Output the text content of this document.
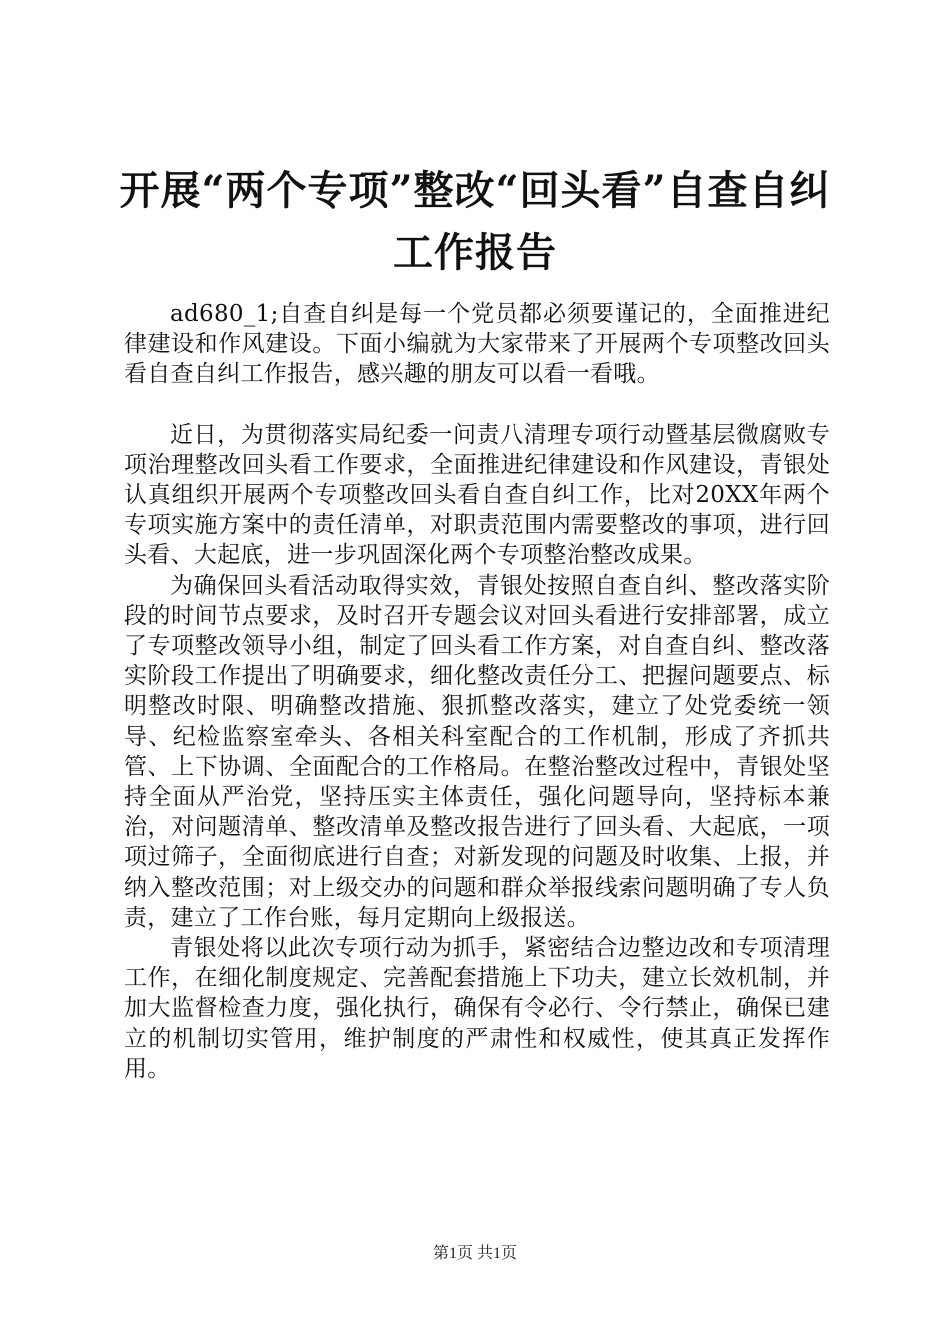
开展“两个专项”整改“回头看”自查自纠工作报告

ad680_1;自查自纠是每一个党员都必须要谨记的，全面推进纪律建设和作风建设。下面小编就为大家带来了开展两个专项整改回头看自查自纠工作报告，感兴趣的朋友可以看一看哦。

近日，为贯彻落实局纪委一问责八清理专项行动暨基层微腐败专项治理整改回头看工作要求，全面推进纪律建设和作风建设，青银处认真组织开展两个专项整改回头看自查自纠工作，比对20XX年两个专项实施方案中的责任清单，对职责范围内需要整改的事项，进行回头看、大起底，进一步巩固深化两个专项整治整改成果。

为确保回头看活动取得实效，青银处按照自查自纠、整改落实阶段的时间节点要求，及时召开专题会议对回头看进行安排部署，成立了专项整改领导小组，制定了回头看工作方案，对自查自纠、整改落实阶段工作提出了明确要求，细化整改责任分工、把握问题要点、标明整改时限、明确整改措施、狠抓整改落实，建立了处党委统一领导、纪检监察室牵头、各相关科室配合的工作机制，形成了齐抓共管、上下协调、全面配合的工作格局。在整治整改过程中，青银处坚持全面从严治党，坚持压实主体责任，强化问题导向，坚持标本兼治，对问题清单、整改清单及整改报告进行了回头看、大起底，一项项过筛子，全面彻底进行自查；对新发现的问题及时收集、上报，并纳入整改范围；对上级交办的问题和群众举报线索问题明确了专人负责，建立了工作台账，每月定期向上级报送。

青银处将以此次专项行动为抓手，紧密结合边整边改和专项清理工作，在细化制度规定、完善配套措施上下功夫，建立长效机制，并加大监督检查力度，强化执行，确保有令必行、令行禁止，确保已建立的机制切实管用，维护制度的严肃性和权威性，使其真正发挥作用。

第1页 共1页
